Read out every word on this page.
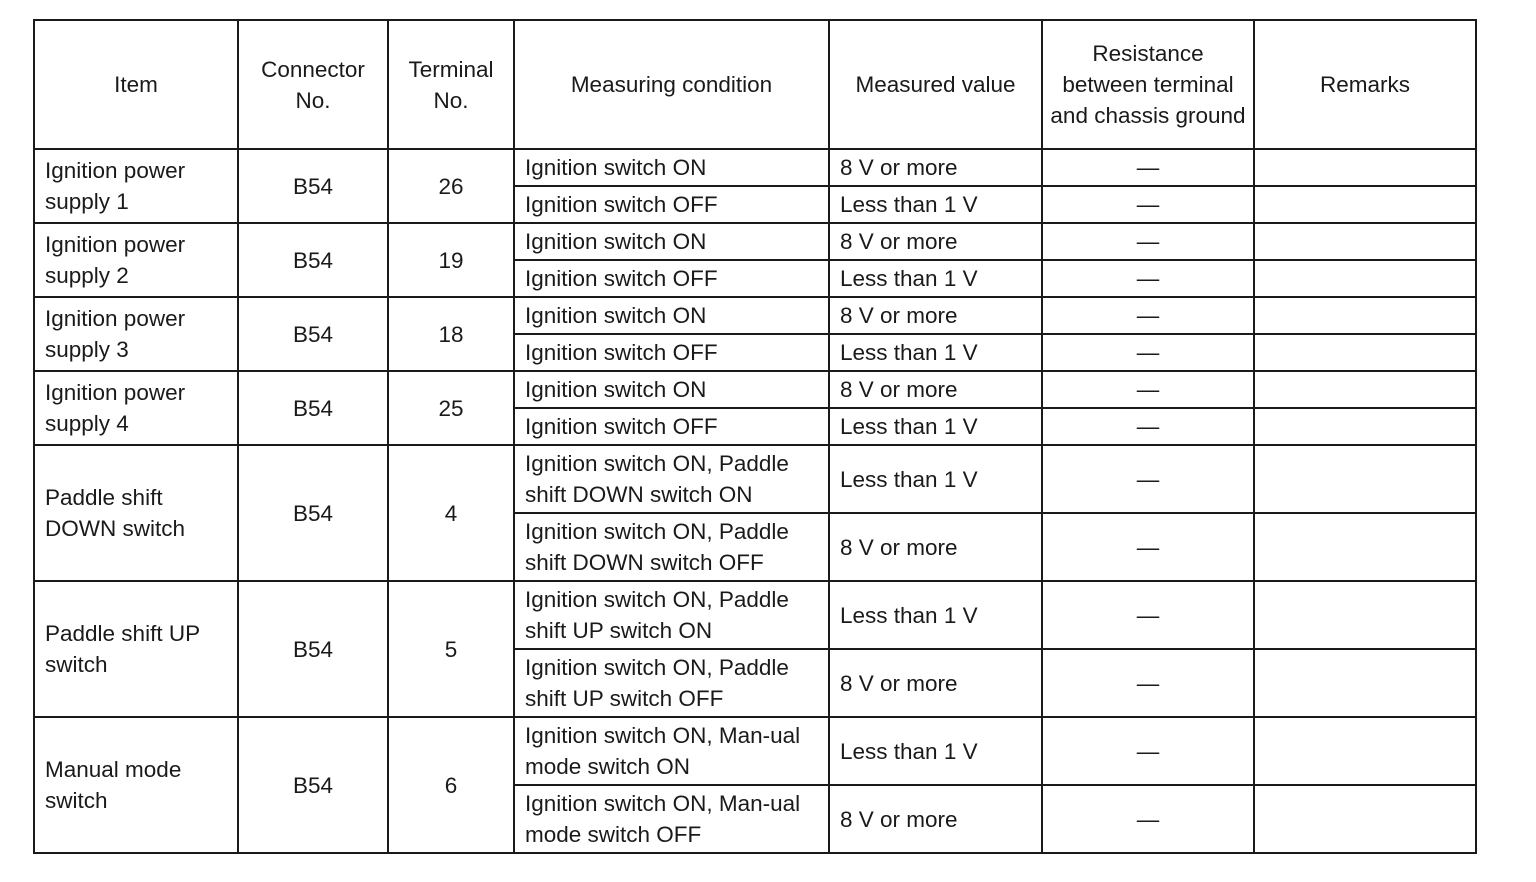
Item	Connector No.	Terminal No.	Measuring condition	Measured value	Resistance between terminal and chassis ground	Remarks
Ignition power supply 1	B54	26	Ignition switch ON	8 V or more	—	
			Ignition switch OFF	Less than 1 V	—	
Ignition power supply 2	B54	19	Ignition switch ON	8 V or more	—	
			Ignition switch OFF	Less than 1 V	—	
Ignition power supply 3	B54	18	Ignition switch ON	8 V or more	—	
			Ignition switch OFF	Less than 1 V	—	
Ignition power supply 4	B54	25	Ignition switch ON	8 V or more	—	
			Ignition switch OFF	Less than 1 V	—	
Paddle shift DOWN switch	B54	4	Ignition switch ON, Paddle shift DOWN switch ON	Less than 1 V	—	
			Ignition switch ON, Paddle shift DOWN switch OFF	8 V or more	—	
Paddle shift UP switch	B54	5	Ignition switch ON, Paddle shift UP switch ON	Less than 1 V	—	
			Ignition switch ON, Paddle shift UP switch OFF	8 V or more	—	
Manual mode switch	B54	6	Ignition switch ON, Man-ual mode switch ON	Less than 1 V	—	
			Ignition switch ON, Man-ual mode switch OFF	8 V or more	—	
